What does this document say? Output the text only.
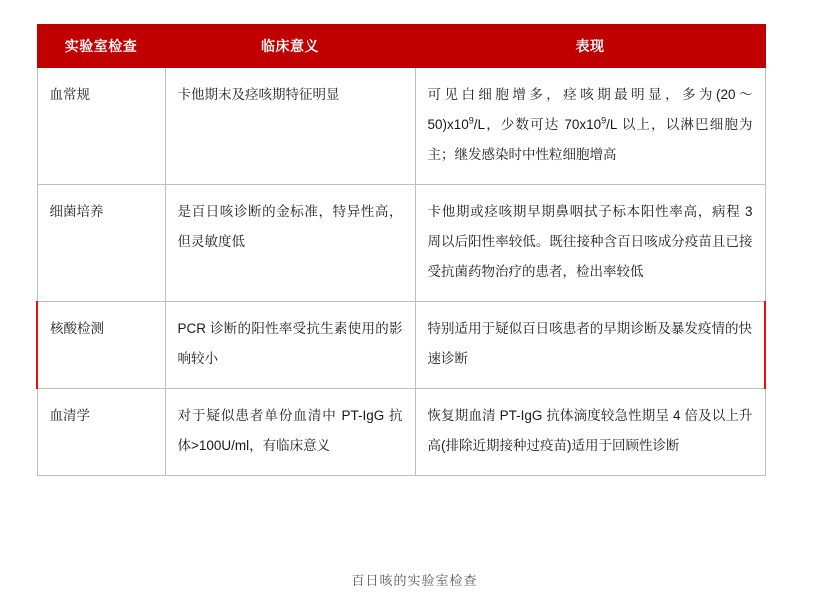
实验室检查	临床意义	表现
血常规	卡他期末及痉咳期特征明显	可见白细胞增多，痉咳期最明显，多为$(20\sim 50)x10^9/L$，少数可达 $70x10^9/L$ 以上，以淋巴细胞为主；继发感染时中性粒细胞增高
细菌培养	是百日咳诊断的金标准，特异性高，但灵敏度低	卡他期或痉咳期早期鼻咽拭子标本阳性率高，病程 3 周以后阳性率较低。既往接种含百日咳成分疫苗且已接受抗菌药物治疗的患者，检出率较低
核酸检测	PCR 诊断的阳性率受抗生素使用的影响较小	特别适用于疑似百日咳患者的早期诊断及暴发疫情的快速诊断
血清学	对于疑似患者单份血清中 PT-IgG 抗体>100U/ml，有临床意义	恢复期血清 PT-IgG 抗体滴度较急性期呈 4 倍及以上升高(排除近期接种过疫苗)适用于回顾性诊断
百日咳的实验室检查
